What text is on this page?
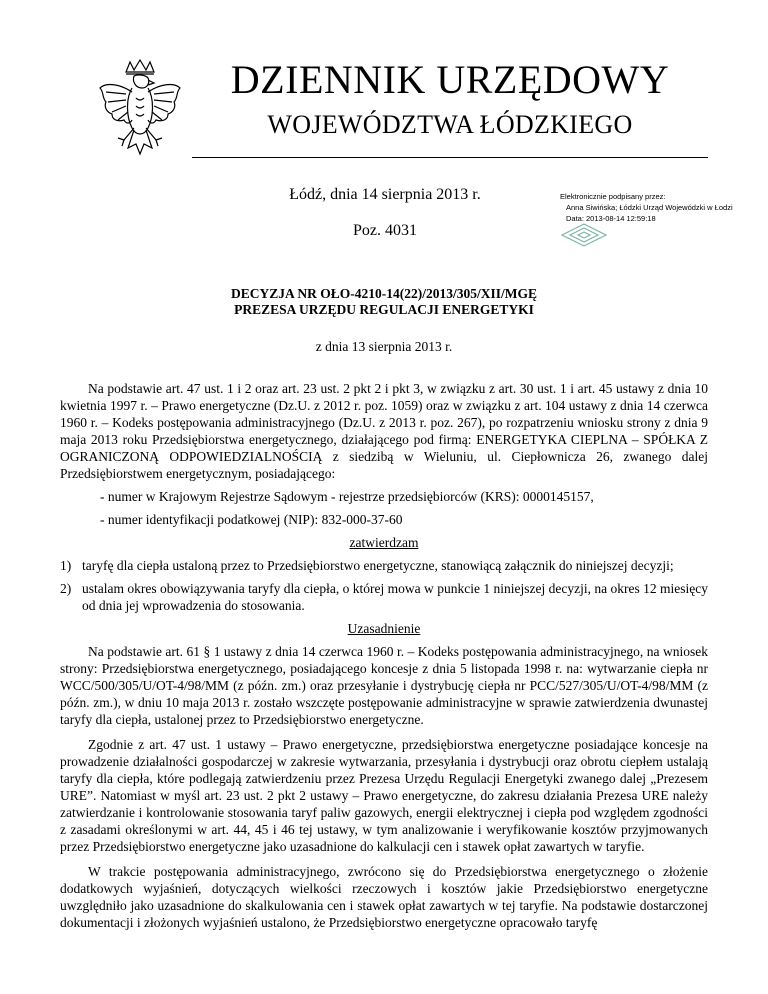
DZIENNIK URZĘDOWY
WOJEWÓDZTWA ŁÓDZKIEGO
Łódź, dnia 14 sierpnia 2013 r.
Poz. 4031
Elektronicznie podpisany przez:
Anna Siwińska; Łódzki Urząd Wojewódzki w Łodzi
Data: 2013-08-14 12:59:18
DECYZJA NR OŁO-4210-14(22)/2013/305/XII/MGĘ
PREZESA URZĘDU REGULACJI ENERGETYKI
z dnia 13 sierpnia 2013 r.

Na podstawie art. 47 ust. 1 i 2 oraz art. 23 ust. 2 pkt 2 i pkt 3, w związku z art. 30 ust. 1 i art. 45 ustawy z dnia 10 kwietnia 1997 r. – Prawo energetyczne (Dz.U. z 2012 r. poz. 1059) oraz w związku z art. 104 ustawy z dnia 14 czerwca 1960 r. – Kodeks postępowania administracyjnego (Dz.U. z 2013 r. poz. 267), po rozpatrzeniu wniosku strony z dnia 9 maja 2013 roku Przedsiębiorstwa energetycznego, działającego pod firmą: ENERGETYKA CIEPLNA – SPÓŁKA Z OGRANICZONĄ ODPOWIEDZIALNOŚCIĄ z siedzibą w Wieluniu, ul. Ciepłownicza 26, zwanego dalej Przedsiębiorstwem energetycznym, posiadającego:

- numer w Krajowym Rejestrze Sądowym - rejestrze przedsiębiorców (KRS): 0000145157,

- numer identyfikacji podatkowej (NIP): 832-000-37-60

zatwierdzam

1) taryfę dla ciepła ustaloną przez to Przedsiębiorstwo energetyczne, stanowiącą załącznik do niniejszej decyzji;
2) ustalam okres obowiązywania taryfy dla ciepła, o której mowa w punkcie 1 niniejszej decyzji, na okres 12 miesięcy od dnia jej wprowadzenia do stosowania.

Uzasadnienie

Na podstawie art. 61 § 1 ustawy z dnia 14 czerwca 1960 r. – Kodeks postępowania administracyjnego, na wniosek strony: Przedsiębiorstwa energetycznego, posiadającego koncesje z dnia 5 listopada 1998 r. na: wytwarzanie ciepła nr WCC/500/305/U/OT-4/98/MM (z późn. zm.) oraz przesyłanie i dystrybucję ciepła nr PCC/527/305/U/OT-4/98/MM (z późn. zm.), w dniu 10 maja 2013 r. zostało wszczęte postępowanie administracyjne w sprawie zatwierdzenia dwunastej taryfy dla ciepła, ustalonej przez to Przedsiębiorstwo energetyczne.

Zgodnie z art. 47 ust. 1 ustawy – Prawo energetyczne, przedsiębiorstwa energetyczne posiadające koncesje na prowadzenie działalności gospodarczej w zakresie wytwarzania, przesyłania i dystrybucji oraz obrotu ciepłem ustalają taryfy dla ciepła, które podlegają zatwierdzeniu przez Prezesa Urzędu Regulacji Energetyki zwanego dalej „Prezesem URE”. Natomiast w myśl art. 23 ust. 2 pkt 2 ustawy – Prawo energetyczne, do zakresu działania Prezesa URE należy zatwierdzanie i kontrolowanie stosowania taryf paliw gazowych, energii elektrycznej i ciepła pod względem zgodności z zasadami określonymi w art. 44, 45 i 46 tej ustawy, w tym analizowanie i weryfikowanie kosztów przyjmowanych przez Przedsiębiorstwo energetyczne jako uzasadnione do kalkulacji cen i stawek opłat zawartych w taryfie.

W trakcie postępowania administracyjnego, zwrócono się do Przedsiębiorstwa energetycznego o złożenie dodatkowych wyjaśnień, dotyczących wielkości rzeczowych i kosztów jakie Przedsiębiorstwo energetyczne uwzględniło jako uzasadnione do skalkulowania cen i stawek opłat zawartych w tej taryfie. Na podstawie dostarczonej dokumentacji i złożonych wyjaśnień ustalono, że Przedsiębiorstwo energetyczne opracowało taryfę
